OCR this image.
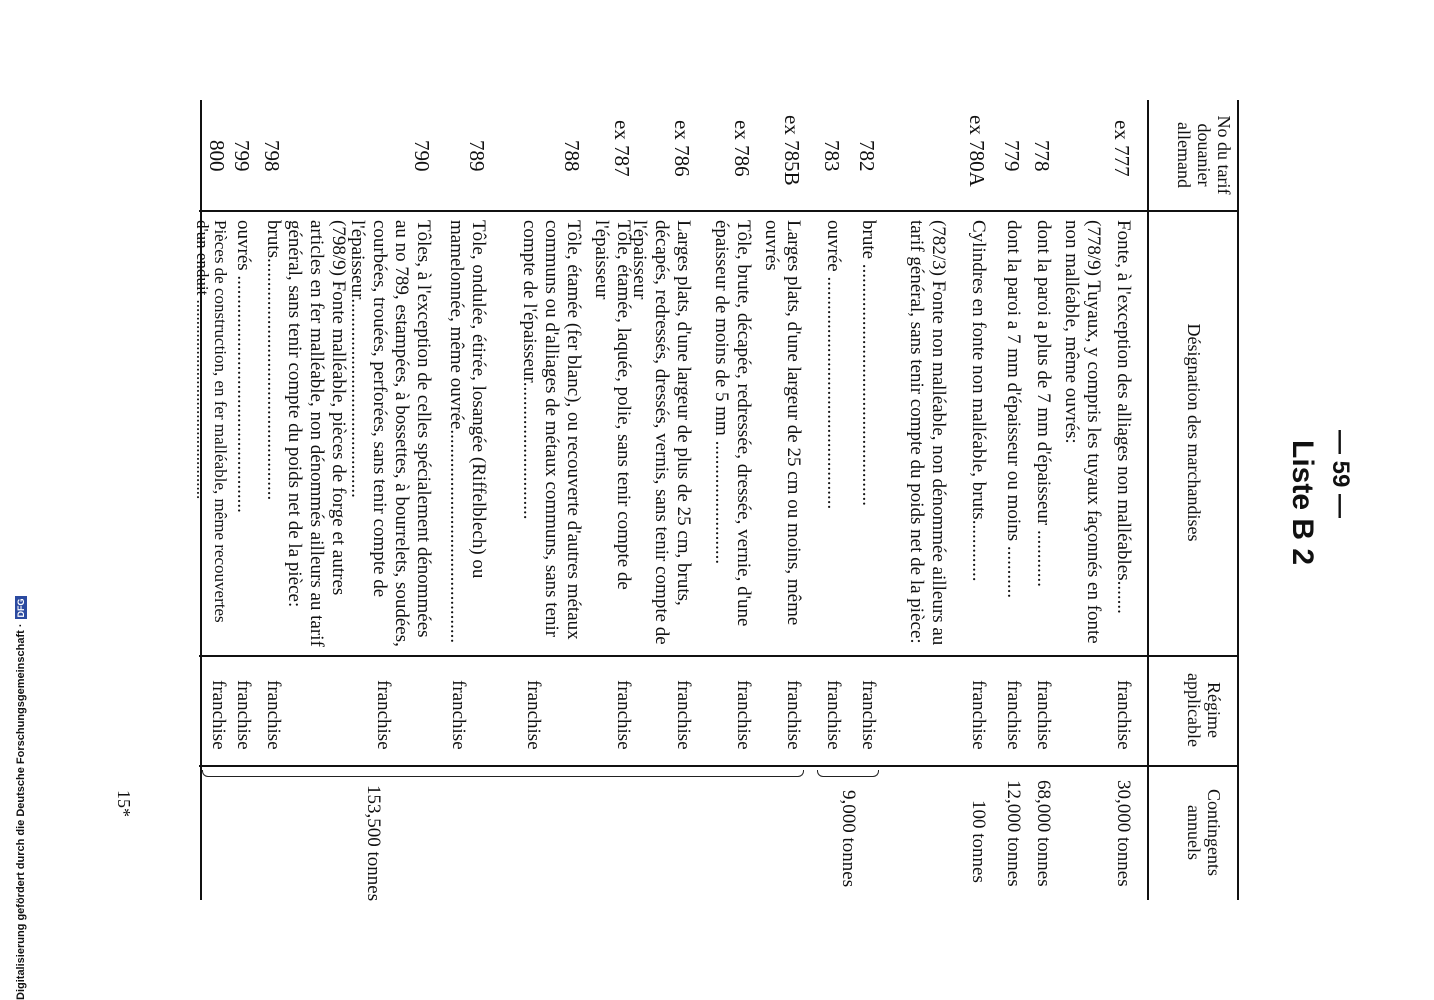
— 59 —
Liste B 2
No du tarif douanier allemand
Désignation des marchandises
Régime applicable
Contingents annuels
ex 777
Fonte, à l'exception des alliages non malléables.......
franchise
30,000 tonnes
(778/9) Tuyaux, y compris les tuyaux façonnés en fonte non malléable, même ouvrés:
778
dont la paroi a plus de 7 mm d'épaisseur ............
franchise
68,000 tonnes
779
dont la paroi a 7 mm d'épaisseur ou moins ...........
franchise
12,000 tonnes
ex 780A
Cylindres en fonte non malléable, bruts.............
franchise
100 tonnes
(782/3) Fonte non malléable, non dénommée ailleurs au tarif général, sans tenir compte du poids net de la pièce:
782
brute ...................................................
franchise
783
ouvrée .................................................
franchise
9,000 tonnes
ex 785B
Larges plats, d'une largeur de 25 cm ou moins, même ouvrés
franchise
ex 786
Tôle, brute, décapée, redressée, dressée, vernie, d'une épaisseur de moins de 5 mm ..........................
franchise
ex 786
Larges plats, d'une largeur de plus de 25 cm, bruts, décapés, redressés, dressés, vernis, sans tenir compte de l'épaisseur
franchise
ex 787
Tôle, étamée, laquée, polie, sans tenir compte de l'épaisseur
franchise
788
Tôle, étamée (fer blanc), ou recouverte d'autres métaux communs ou d'alliages de métaux communs, sans tenir compte de l'épaisseur.............................
franchise
789
Tôle, ondulée, étirée, losangée (Riffelblech) ou mamelonnée, même ouvrée.............................................
franchise
790
Tôles, à l'exception de celles spécialement dénommées au no 789, estampées, à bossettes, à bourrelets, soudées, courbées, trouées, perforées, sans tenir compte de l'épaisseur..........................................
franchise
153,500 tonnes
(798/9) Fonte malléable, pièces de forge et autres articles en fer malléable, non dénommés ailleurs au tarif général, sans tenir compte du poids net de la pièce:
798
bruts...................................................
franchise
799
ouvrés ..................................................
franchise
800
Pièces de construction, en fer malléable, même recouvertes d'un enduit ...............................................
franchise
15*
Digitalisierung gefördert durch die Deutsche Forschungsgemeinschaft ·
DFG
